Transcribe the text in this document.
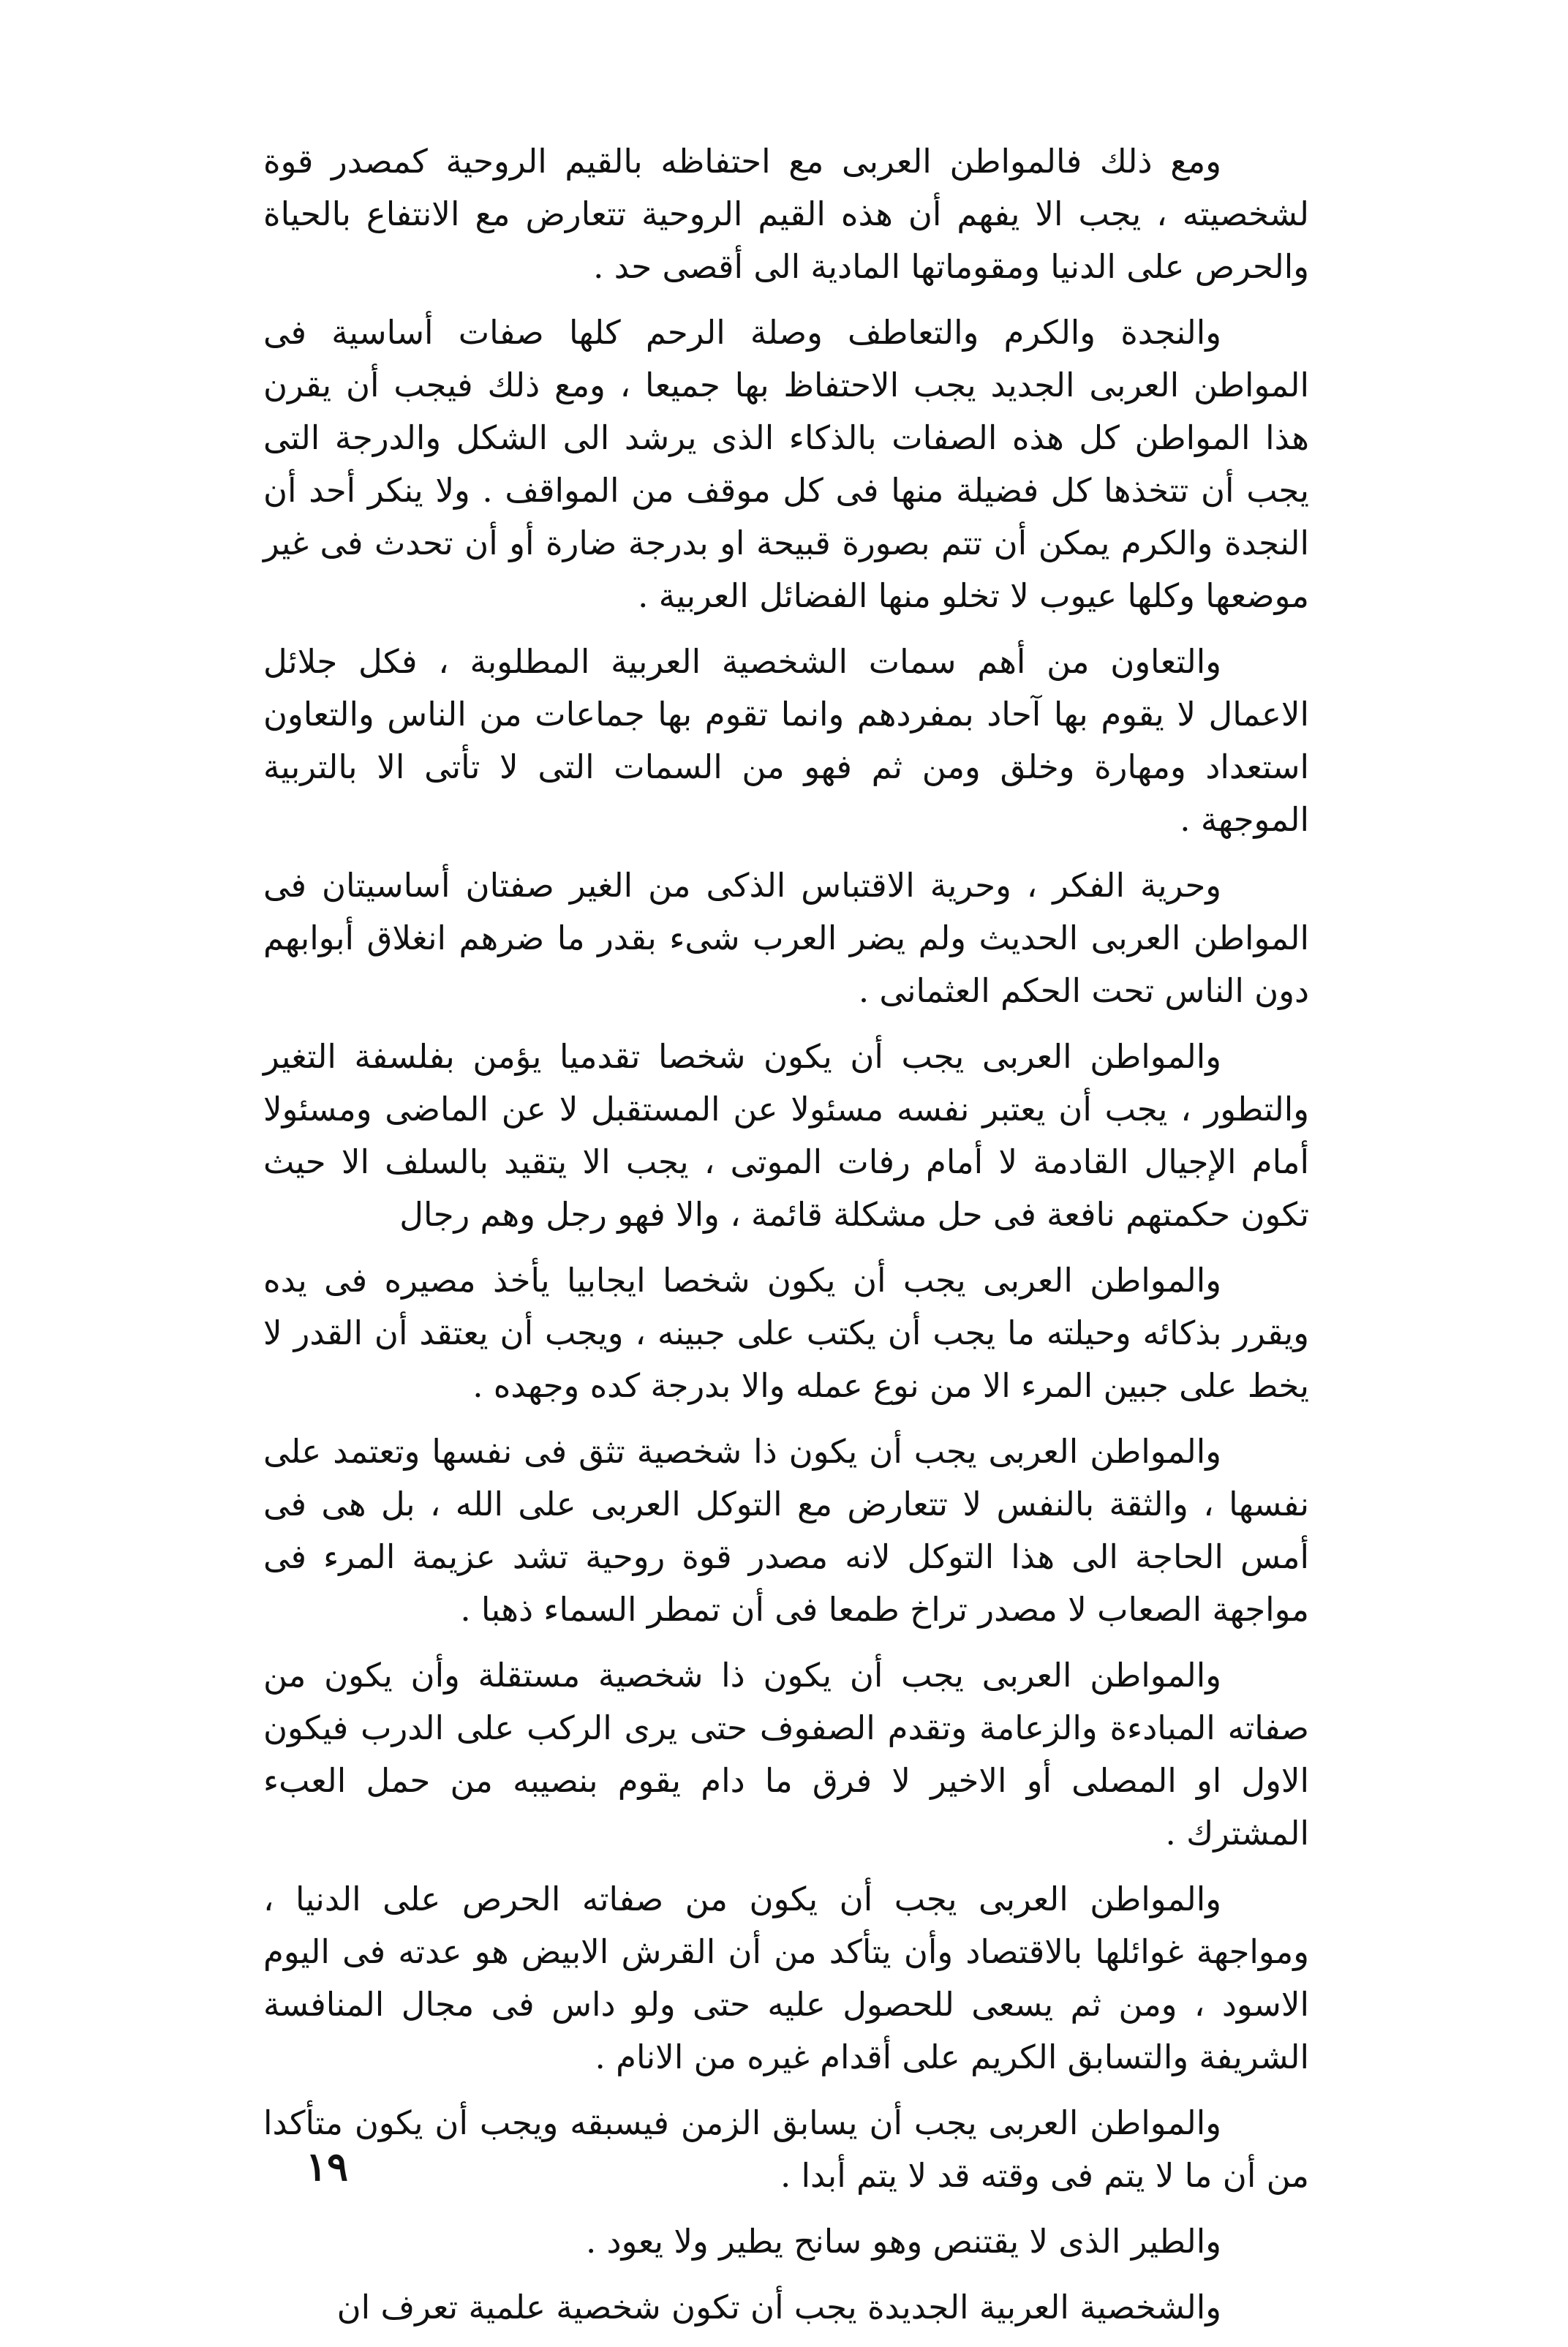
ومع ذلك فالمواطن العربى مع احتفاظه بالقيم الروحية كمصدر قوة لشخصيته ، يجب الا يفهم أن هذه القيم الروحية تتعارض مع الانتفاع بالحياة والحرص على الدنيا ومقوماتها المادية الى أقصى حد .

والنجدة والكرم والتعاطف وصلة الرحم كلها صفات أساسية فى المواطن العربى الجديد يجب الاحتفاظ بها جميعا ، ومع ذلك فيجب أن يقرن هذا المواطن كل هذه الصفات بالذكاء الذى يرشد الى الشكل والدرجة التى يجب أن تتخذها كل فضيلة منها فى كل موقف من المواقف . ولا ينكر أحد أن النجدة والكرم يمكن أن تتم بصورة قبيحة او بدرجة ضارة أو أن تحدث فى غير موضعها وكلها عيوب لا تخلو منها الفضائل العربية .

والتعاون من أهم سمات الشخصية العربية المطلوبة ، فكل جلائل الاعمال لا يقوم بها آحاد بمفردهم وانما تقوم بها جماعات من الناس والتعاون استعداد ومهارة وخلق ومن ثم فهو من السمات التى لا تأتى الا بالتربية الموجهة .

وحرية الفكر ، وحرية الاقتباس الذكى من الغير صفتان أساسيتان فى المواطن العربى الحديث ولم يضر العرب شىء بقدر ما ضرهم انغلاق أبوابهم دون الناس تحت الحكم العثمانى .

والمواطن العربى يجب أن يكون شخصا تقدميا يؤمن بفلسفة التغير والتطور ، يجب أن يعتبر نفسه مسئولا عن المستقبل لا عن الماضى ومسئولا أمام الإجيال القادمة لا أمام رفات الموتى ، يجب الا يتقيد بالسلف الا حيث تكون حكمتهم نافعة فى حل مشكلة قائمة ، والا فهو رجل وهم رجال

والمواطن العربى يجب أن يكون شخصا ايجابيا يأخذ مصيره فى يده ويقرر بذكائه وحيلته ما يجب أن يكتب على جبينه ، ويجب أن يعتقد أن القدر لا يخط على جبين المرء الا من نوع عمله والا بدرجة كده وجهده .

والمواطن العربى يجب أن يكون ذا شخصية تثق فى نفسها وتعتمد على نفسها ، والثقة بالنفس لا تتعارض مع التوكل العربى على الله ، بل هى فى أمس الحاجة الى هذا التوكل لانه مصدر قوة روحية تشد عزيمة المرء فى مواجهة الصعاب لا مصدر تراخ طمعا فى أن تمطر السماء ذهبا .

والمواطن العربى يجب أن يكون ذا شخصية مستقلة وأن يكون من صفاته المبادءة والزعامة وتقدم الصفوف حتى يرى الركب على الدرب فيكون الاول او المصلى أو الاخير لا فرق ما دام يقوم بنصيبه من حمل العبء المشترك .

والمواطن العربى يجب أن يكون من صفاته الحرص على الدنيا ، ومواجهة غوائلها بالاقتصاد وأن يتأكد من أن القرش الابيض هو عدته فى اليوم الاسود ، ومن ثم يسعى للحصول عليه حتى ولو داس فى مجال المنافسة الشريفة والتسابق الكريم على أقدام غيره من الانام .

والمواطن العربى يجب أن يسابق الزمن فيسبقه ويجب أن يكون متأكدا من أن ما لا يتم فى وقته قد لا يتم أبدا .

والطير الذى لا يقتنص وهو سانح يطير ولا يعود .

والشخصية العربية الجديدة يجب أن تكون شخصية علمية تعرف ان

١٩
